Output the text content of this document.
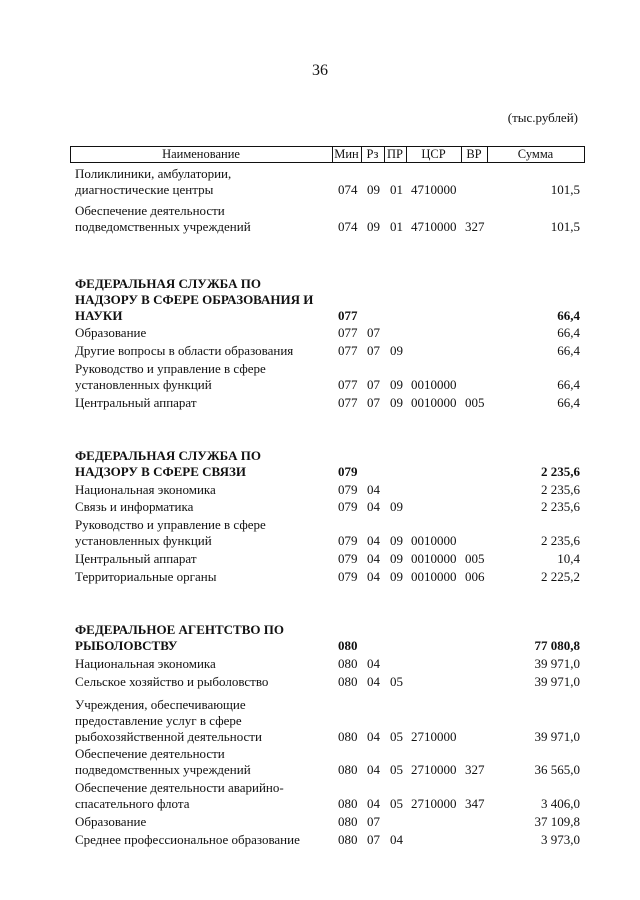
36
(тыс.рублей)
Наименование	Мин Рз ПР	ЦСР	ВР	Сумма
Поликлиники, амбулатории,
диагностические центры	074 09 01 4710000	101,5
Обеспечение деятельности
подведомственных учреждений	074 09 01 4710000 327	101,5
ФЕДЕРАЛЬНАЯ СЛУЖБА ПО
НАДЗОРУ В СФЕРЕ ОБРАЗОВАНИЯ И
НАУКИ	077	66,4
Образование	077 07	66,4
Другие вопросы в области образования	077 07 09	66,4
Руководство и управление в сфере
установленных функций	077 07 09 0010000	66,4
Центральный аппарат	077 07 09 0010000 005	66,4
ФЕДЕРАЛЬНАЯ СЛУЖБА ПО
НАДЗОРУ В СФЕРЕ СВЯЗИ	079	2 235,6
Национальная экономика	079 04	2 235,6
Связь и информатика	079 04 09	2 235,6
Руководство и управление в сфере
установленных функций	079 04 09 0010000	2 235,6
Центральный аппарат	079 04 09 0010000 005	10,4
Территориальные органы	079 04 09 0010000 006	2 225,2
ФЕДЕРАЛЬНОЕ АГЕНТСТВО ПО
РЫБОЛОВСТВУ	080	77 080,8
Национальная экономика	080 04	39 971,0
Сельское хозяйство и рыболовство	080 04 05	39 971,0
Учреждения, обеспечивающие
предоставление услуг в сфере
рыбохозяйственной деятельности	080 04 05 2710000	39 971,0
Обеспечение деятельности
подведомственных учреждений	080 04 05 2710000 327	36 565,0
Обеспечение деятельности аварийно-
спасательного флота	080 04 05 2710000 347	3 406,0
Образование	080 07	37 109,8
Среднее профессиональное образование	080 07 04	3 973,0
